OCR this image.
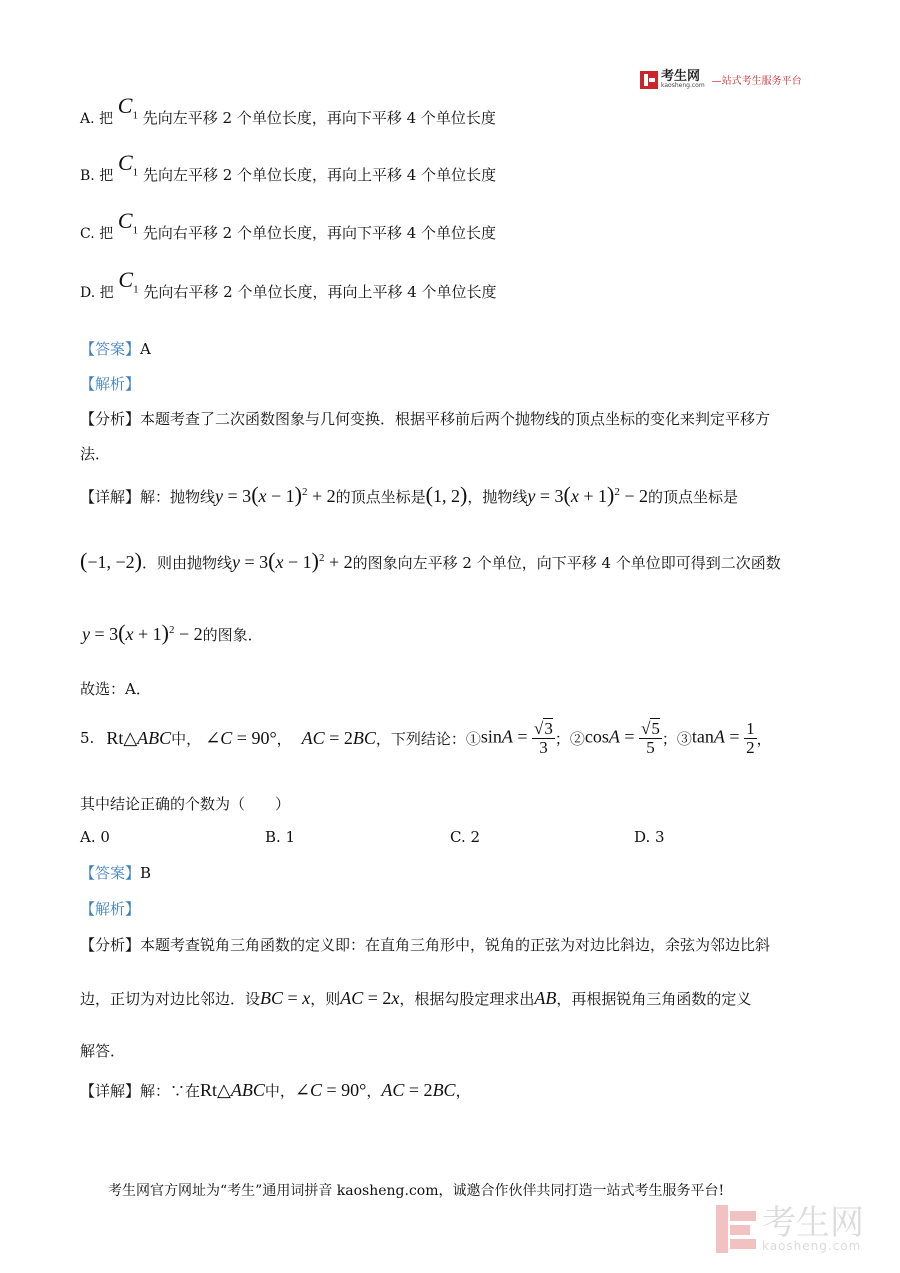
考生网
kaosheng.com —站式考生服务平台
A. 把 $C_1$ 先向左平移 2 个单位长度，再向下平移 4 个单位长度
B. 把 $C_1$ 先向左平移 2 个单位长度，再向上平移 4 个单位长度
C. 把 $C_1$ 先向右平移 2 个单位长度，再向下平移 4 个单位长度
D. 把 $C_1$ 先向右平移 2 个单位长度，再向上平移 4 个单位长度
【答案】A
【解析】
【分析】本题考查了二次函数图象与几何变换．根据平移前后两个抛物线的顶点坐标的变化来判定平移方
法．
【详解】解：抛物线$y = 3(x - 1)^2 + 2$的顶点坐标是(1, 2)，抛物线$y = 3(x + 1)^2 - 2$的顶点坐标是
(−1, −2)．则由抛物线$y = 3(x - 1)^2 + 2$的图象向左平移 2 个单位，向下平移 4 个单位即可得到二次函数
$y = 3(x + 1)^2 - 2$的图象．
故选：A．
5. Rt△ABC 中， ∠C = 90° ， AC = 2BC ，下列结论：① $\sin A = \frac{√3}{3}$ ；② $\cos A = \frac{√5}{5}$ ；③ $\tan A = \frac{1}{2}$ ，
其中结论正确的个数为（　　）
A. 0	B. 1	C. 2	D. 3
【答案】B
【解析】
【分析】本题考查锐角三角函数的定义即：在直角三角形中，锐角的正弦为对边比斜边，余弦为邻边比斜
边，正切为对边比邻边．设BC = x，则AC = 2x，根据勾股定理求出AB，再根据锐角三角函数的定义
解答．
【详解】解：∵在Rt△ABC中，∠C = 90°，AC = 2BC，
考生网官方网址为“考生”通用词拼音 kaosheng.com，诚邀合作伙伴共同打造一站式考生服务平台!
考生网
kaosheng.com
